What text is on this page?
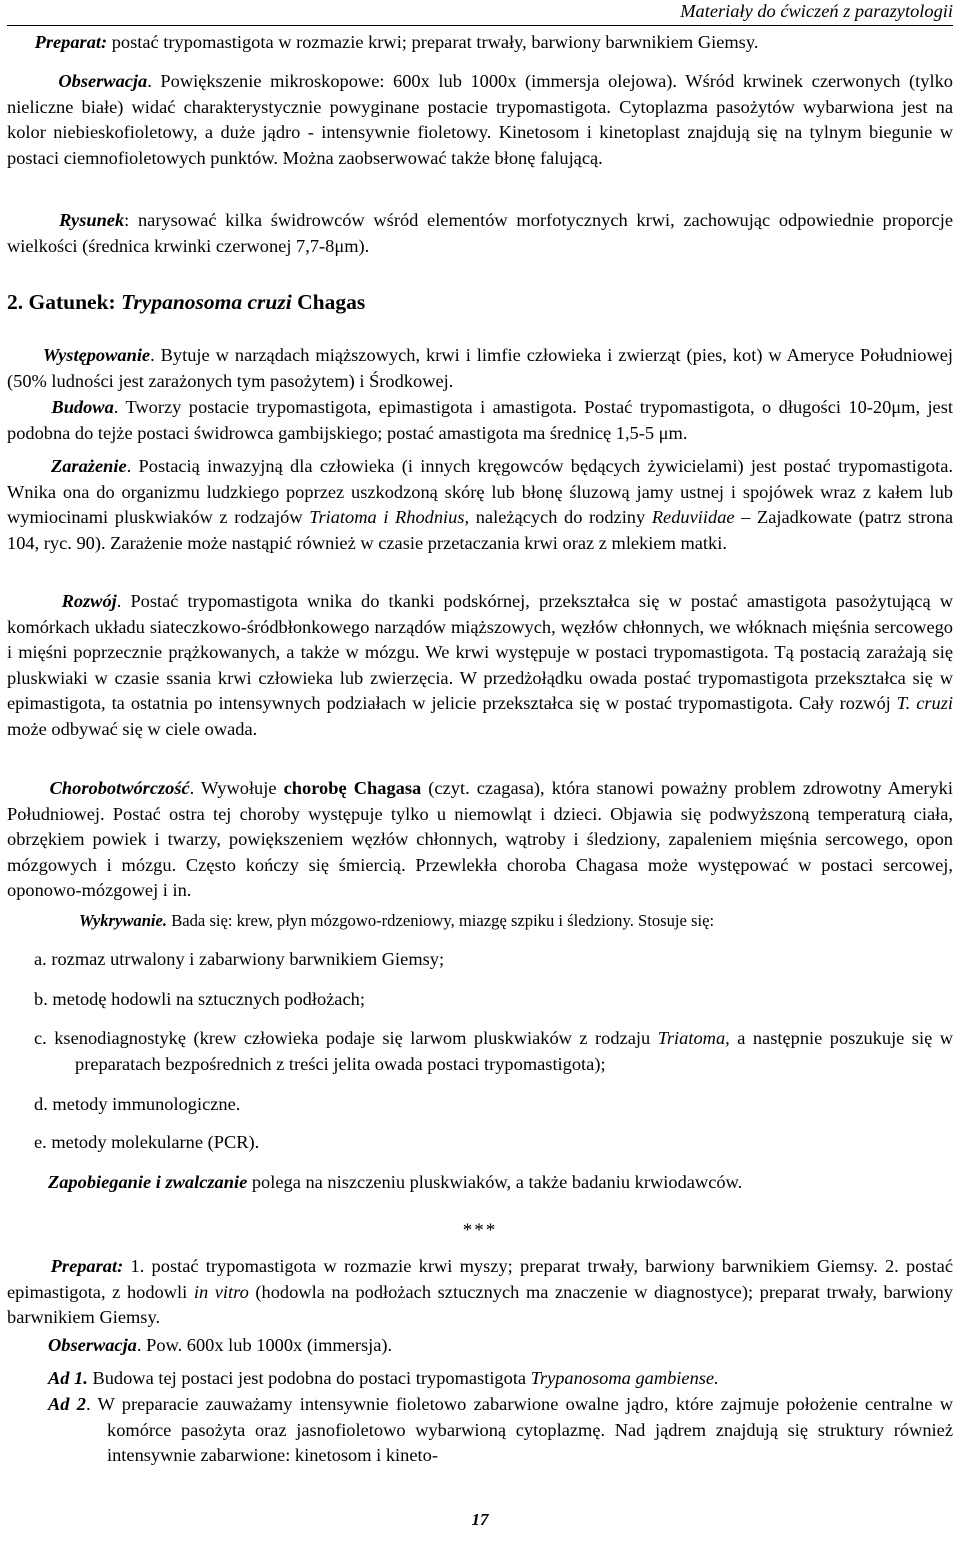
Materiały do ćwiczeń z parazytologii
Preparat: postać trypomastigota w rozmazie krwi; preparat trwały, barwiony barwnikiem Giemsy.
Obserwacja. Powiększenie mikroskopowe: 600x lub 1000x (immersja olejowa). Wśród krwinek czerwonych (tylko nieliczne białe) widać charakterystycznie powyginane postacie trypomastigota. Cytoplazma pasożytów wybarwiona jest na kolor niebieskofioletowy, a duże jądro - intensywnie fioletowy. Kinetosom i kinetoplast znajdują się na tylnym biegunie w postaci ciemnofioletowych punktów. Można zaobserwować także błonę falującą.
Rysunek: narysować kilka świdrowców wśród elementów morfotycznych krwi, zachowując odpowiednie proporcje wielkości (średnica krwinki czerwonej 7,7-8μm).
2. Gatunek: Trypanosoma cruzi Chagas
Występowanie. Bytuje w narządach miąższowych, krwi i limfie człowieka i zwierząt (pies, kot) w Ameryce Południowej (50% ludności jest zarażonych tym pasożytem) i Środkowej.
Budowa. Tworzy postacie trypomastigota, epimastigota i amastigota. Postać trypomastigota, o długości 10-20μm, jest podobna do tejże postaci świdrowca gambijskiego; postać amastigota ma średnicę 1,5-5 μm.
Zarażenie. Postacią inwazyjną dla człowieka (i innych kręgowców będących żywicielami) jest postać trypomastigota. Wnika ona do organizmu ludzkiego poprzez uszkodzoną skórę lub błonę śluzową jamy ustnej i spojówek wraz z kałem lub wymiocinami pluskwiaków z rodzajów Triatoma i Rhodnius, należących do rodziny Reduviidae – Zajadkowate (patrz strona 104, ryc. 90). Zarażenie może nastąpić również w czasie przetaczania krwi oraz z mlekiem matki.
Rozwój. Postać trypomastigota wnika do tkanki podskórnej, przekształca się w postać amastigota pasożytującą w komórkach układu siateczkowo-śródbłonkowego narządów miąższowych, węzłów chłonnych, we włóknach mięśnia sercowego i mięśni poprzecznie prążkowanych, a także w mózgu. We krwi występuje w postaci trypomastigota. Tą postacią zarażają się pluskwiaki w czasie ssania krwi człowieka lub zwierzęcia. W przedżołądku owada postać trypomastigota przekształca się w epimastigota, ta ostatnia po intensywnych podziałach w jelicie przekształca się w postać trypomastigota. Cały rozwój T. cruzi może odbywać się w ciele owada.
Chorobotwórczość. Wywołuje chorobę Chagasa (czyt. czagasa), która stanowi poważny problem zdrowotny Ameryki Południowej. Postać ostra tej choroby występuje tylko u niemowląt i dzieci. Objawia się podwyższoną temperaturą ciała, obrzękiem powiek i twarzy, powiększeniem węzłów chłonnych, wątroby i śledziony, zapaleniem mięśnia sercowego, opon mózgowych i mózgu. Często kończy się śmiercią. Przewlekła choroba Chagasa może występować w postaci sercowej, oponowo-mózgowej i in.
Wykrywanie. Bada się: krew, płyn mózgowo-rdzeniowy, miazgę szpiku i śledziony. Stosuje się:
a. rozmaz utrwalony i zabarwiony barwnikiem Giemsy;
b. metodę hodowli na sztucznych podłożach;
c. ksenodiagnostykę (krew człowieka podaje się larwom pluskwiaków z rodzaju Triatoma, a następnie poszukuje się w preparatach bezpośrednich z treści jelita owada postaci trypomastigota);
d. metody immunologiczne.
e. metody molekularne (PCR).
Zapobieganie i zwalczanie polega na niszczeniu pluskwiaków, a także badaniu krwiodawców.
***
Preparat: 1. postać trypomastigota w rozmazie krwi myszy; preparat trwały, barwiony barwnikiem Giemsy. 2. postać epimastigota, z hodowli in vitro (hodowla na podłożach sztucznych ma znaczenie w diagnostyce); preparat trwały, barwiony barwnikiem Giemsy.
Obserwacja. Pow. 600x lub 1000x (immersja).
Ad 1. Budowa tej postaci jest podobna do postaci trypomastigota Trypanosoma gambiense.
Ad 2. W preparacie zauważamy intensywnie fioletowo zabarwione owalne jądro, które zajmuje położenie centralne w komórce pasożyta oraz jasnofioletowo wybarwioną cytoplazmę. Nad jądrem znajdują się struktury również intensywnie zabarwione: kinetosom i kineto-
17
